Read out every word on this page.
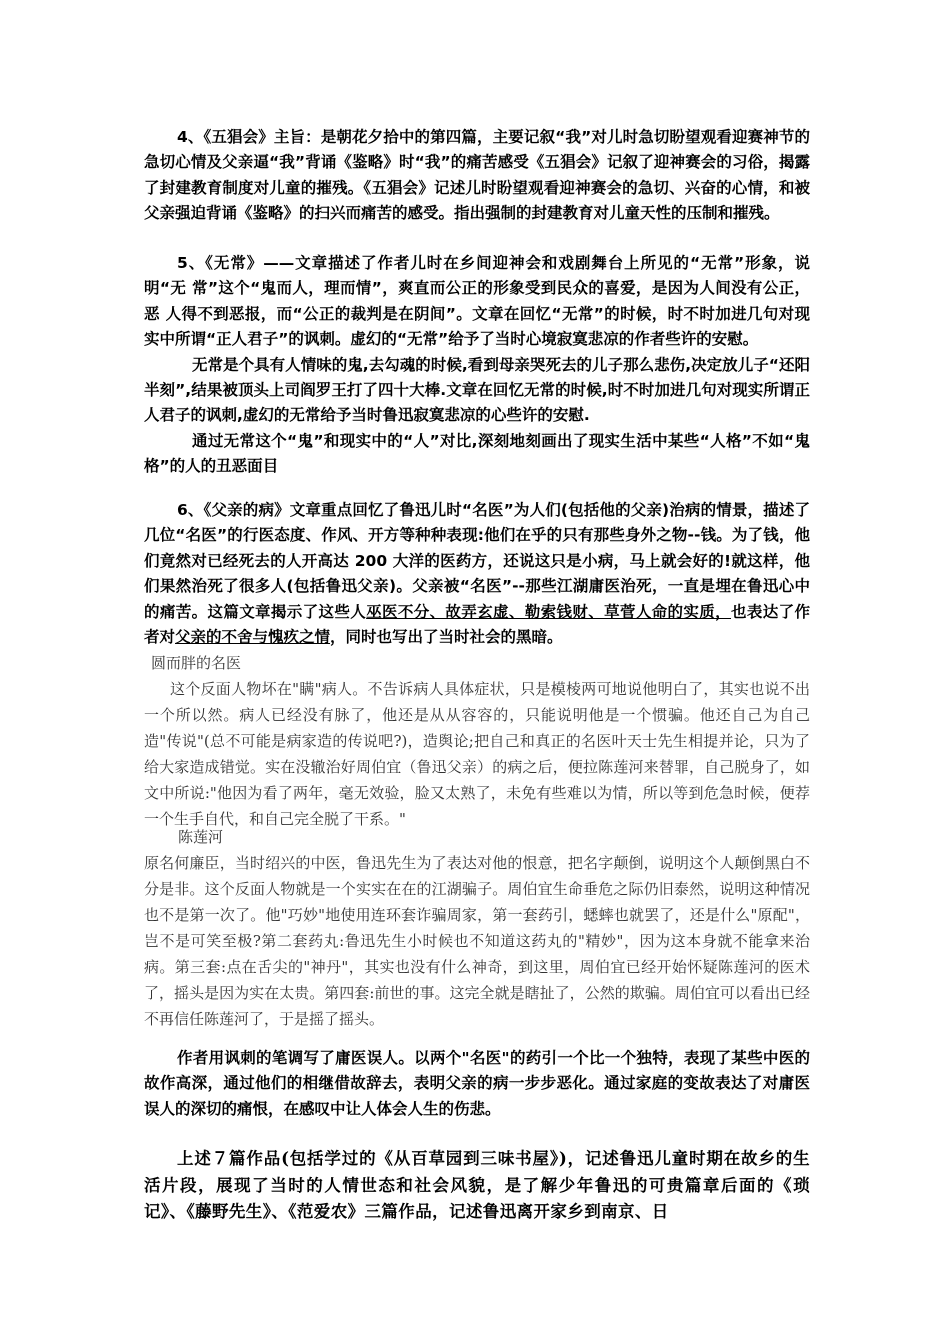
4、《五猖会》主旨：是朝花夕拾中的第四篇，主要记叙“我”对儿时急切盼望观看迎赛神节的急切心情及父亲逼“我”背诵《鉴略》时“我”的痛苦感受《五猖会》记叙了迎神赛会的习俗，揭露了封建教育制度对儿童的摧残。《五猖会》记述儿时盼望观看迎神赛会的急切、兴奋的心情，和被父亲强迫背诵《鉴略》的扫兴而痛苦的感受。指出强制的封建教育对儿童天性的压制和摧残。

5、《无常》——文章描述了作者儿时在乡间迎神会和戏剧舞台上所见的“无常”形象，说明“无 常”这个“鬼而人，理而情”，爽直而公正的形象受到民众的喜爱，是因为人间没有公正，恶 人得不到恶报，而“公正的裁判是在阴间”。文章在回忆“无常”的时候，时不时加进几句对现 实中所谓“正人君子”的讽刺。虚幻的“无常”给予了当时心境寂寞悲凉的作者些许的安慰。

无常是个具有人情味的鬼,去勾魂的时候,看到母亲哭死去的儿子那么悲伤,决定放儿子“还阳半刻”,结果被顶头上司阎罗王打了四十大棒.文章在回忆无常的时候,时不时加进几句对现实所谓正人君子的讽刺,虚幻的无常给予当时鲁迅寂寞悲凉的心些许的安慰.

通过无常这个“鬼”和现实中的“人”对比,深刻地刻画出了现实生活中某些“人格”不如“鬼格”的人的丑恶面目

6、《父亲的病》文章重点回忆了鲁迅儿时“名医”为人们(包括他的父亲)治病的情景，描述了几位“名医”的行医态度、作风、开方等种种表现:他们在乎的只有那些身外之物--钱。为了钱，他们竟然对已经死去的人开高达 200 大洋的医药方，还说这只是小病，马上就会好的!就这样，他们果然治死了很多人(包括鲁迅父亲)。父亲被“名医”--那些江湖庸医治死，一直是埋在鲁迅心中的痛苦。这篇文章揭示了这些人巫医不分、故弄玄虚、勒索钱财、草菅人命的实质，也表达了作者对父亲的不舍与愧疚之情，同时也写出了当时社会的黑暗。

圆而胖的名医

这个反面人物坏在"瞒"病人。不告诉病人具体症状，只是模棱两可地说他明白了，其实也说不出一个所以然。病人已经没有脉了，他还是从从容容的，只能说明他是一个惯骗。他还自己为自己造"传说"(总不可能是病家造的传说吧?)，造舆论;把自己和真正的名医叶天士先生相提并论，只为了给大家造成错觉。实在没辙治好周伯宜（鲁迅父亲）的病之后，便拉陈莲河来替罪，自己脱身了，如文中所说:"他因为看了两年，毫无效验，脸又太熟了，未免有些难以为情，所以等到危急时候，便荐一个生手自代，和自己完全脱了干系。"

陈莲河

原名何廉臣，当时绍兴的中医，鲁迅先生为了表达对他的恨意，把名字颠倒，说明这个人颠倒黑白不分是非。这个反面人物就是一个实实在在的江湖骗子。周伯宜生命垂危之际仍旧泰然，说明这种情况也不是第一次了。他"巧妙"地使用连环套诈骗周家，第一套药引，蟋蟀也就罢了，还是什么"原配"，岂不是可笑至极?第二套药丸:鲁迅先生小时候也不知道这药丸的"精妙"，因为这本身就不能拿来治病。第三套:点在舌尖的"神丹"，其实也没有什么神奇，到这里，周伯宜已经开始怀疑陈莲河的医术了，摇头是因为实在太贵。第四套:前世的事。这完全就是瞎扯了，公然的欺骗。周伯宜可以看出已经不再信任陈莲河了，于是摇了摇头。

作者用讽刺的笔调写了庸医误人。以两个"名医"的药引一个比一个独特，表现了某些中医的故作高深，通过他们的相继借故辞去，表明父亲的病一步步恶化。通过家庭的变故表达了对庸医误人的深切的痛恨，在感叹中让人体会人生的伤悲。

上述７篇作品(包括学过的《从百草园到三味书屋》)，记述鲁迅儿童时期在故乡的生活片段，展现了当时的人情世态和社会风貌，是了解少年鲁迅的可贵篇章后面的《琐记》、《藤野先生》、《范爱农》三篇作品，记述鲁迅离开家乡到南京、日
